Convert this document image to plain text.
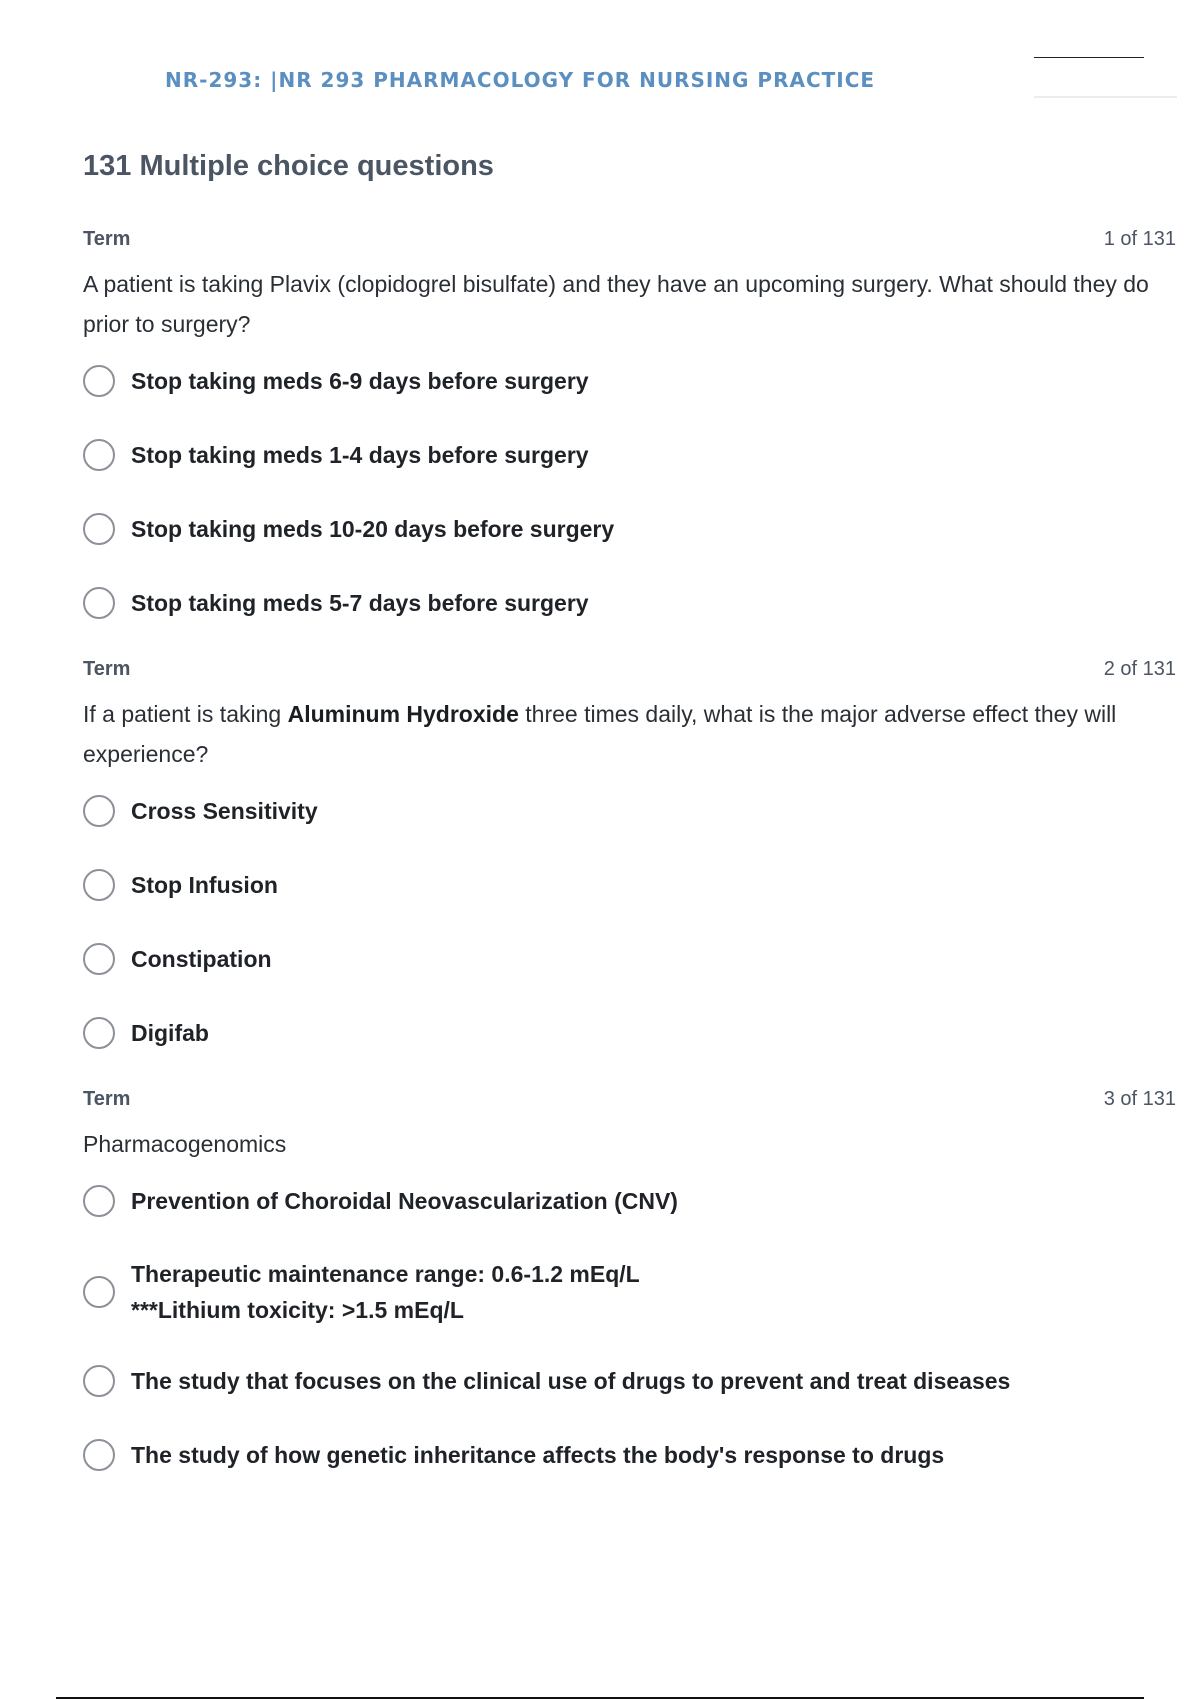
NR-293: |NR 293 PHARMACOLOGY FOR NURSING PRACTICE
131 Multiple choice questions
Term	1 of 131
A patient is taking Plavix (clopidogrel bisulfate) and they have an upcoming surgery. What should they do prior to surgery?
Stop taking meds 6-9 days before surgery
Stop taking meds 1-4 days before surgery
Stop taking meds 10-20 days before surgery
Stop taking meds 5-7 days before surgery
Term	2 of 131
If a patient is taking Aluminum Hydroxide three times daily, what is the major adverse effect they will experience?
Cross Sensitivity
Stop Infusion
Constipation
Digifab
Term	3 of 131
Pharmacogenomics
Prevention of Choroidal Neovascularization (CNV)
Therapeutic maintenance range: 0.6-1.2 mEq/L
***Lithium toxicity: >1.5 mEq/L
The study that focuses on the clinical use of drugs to prevent and treat diseases
The study of how genetic inheritance affects the body's response to drugs
